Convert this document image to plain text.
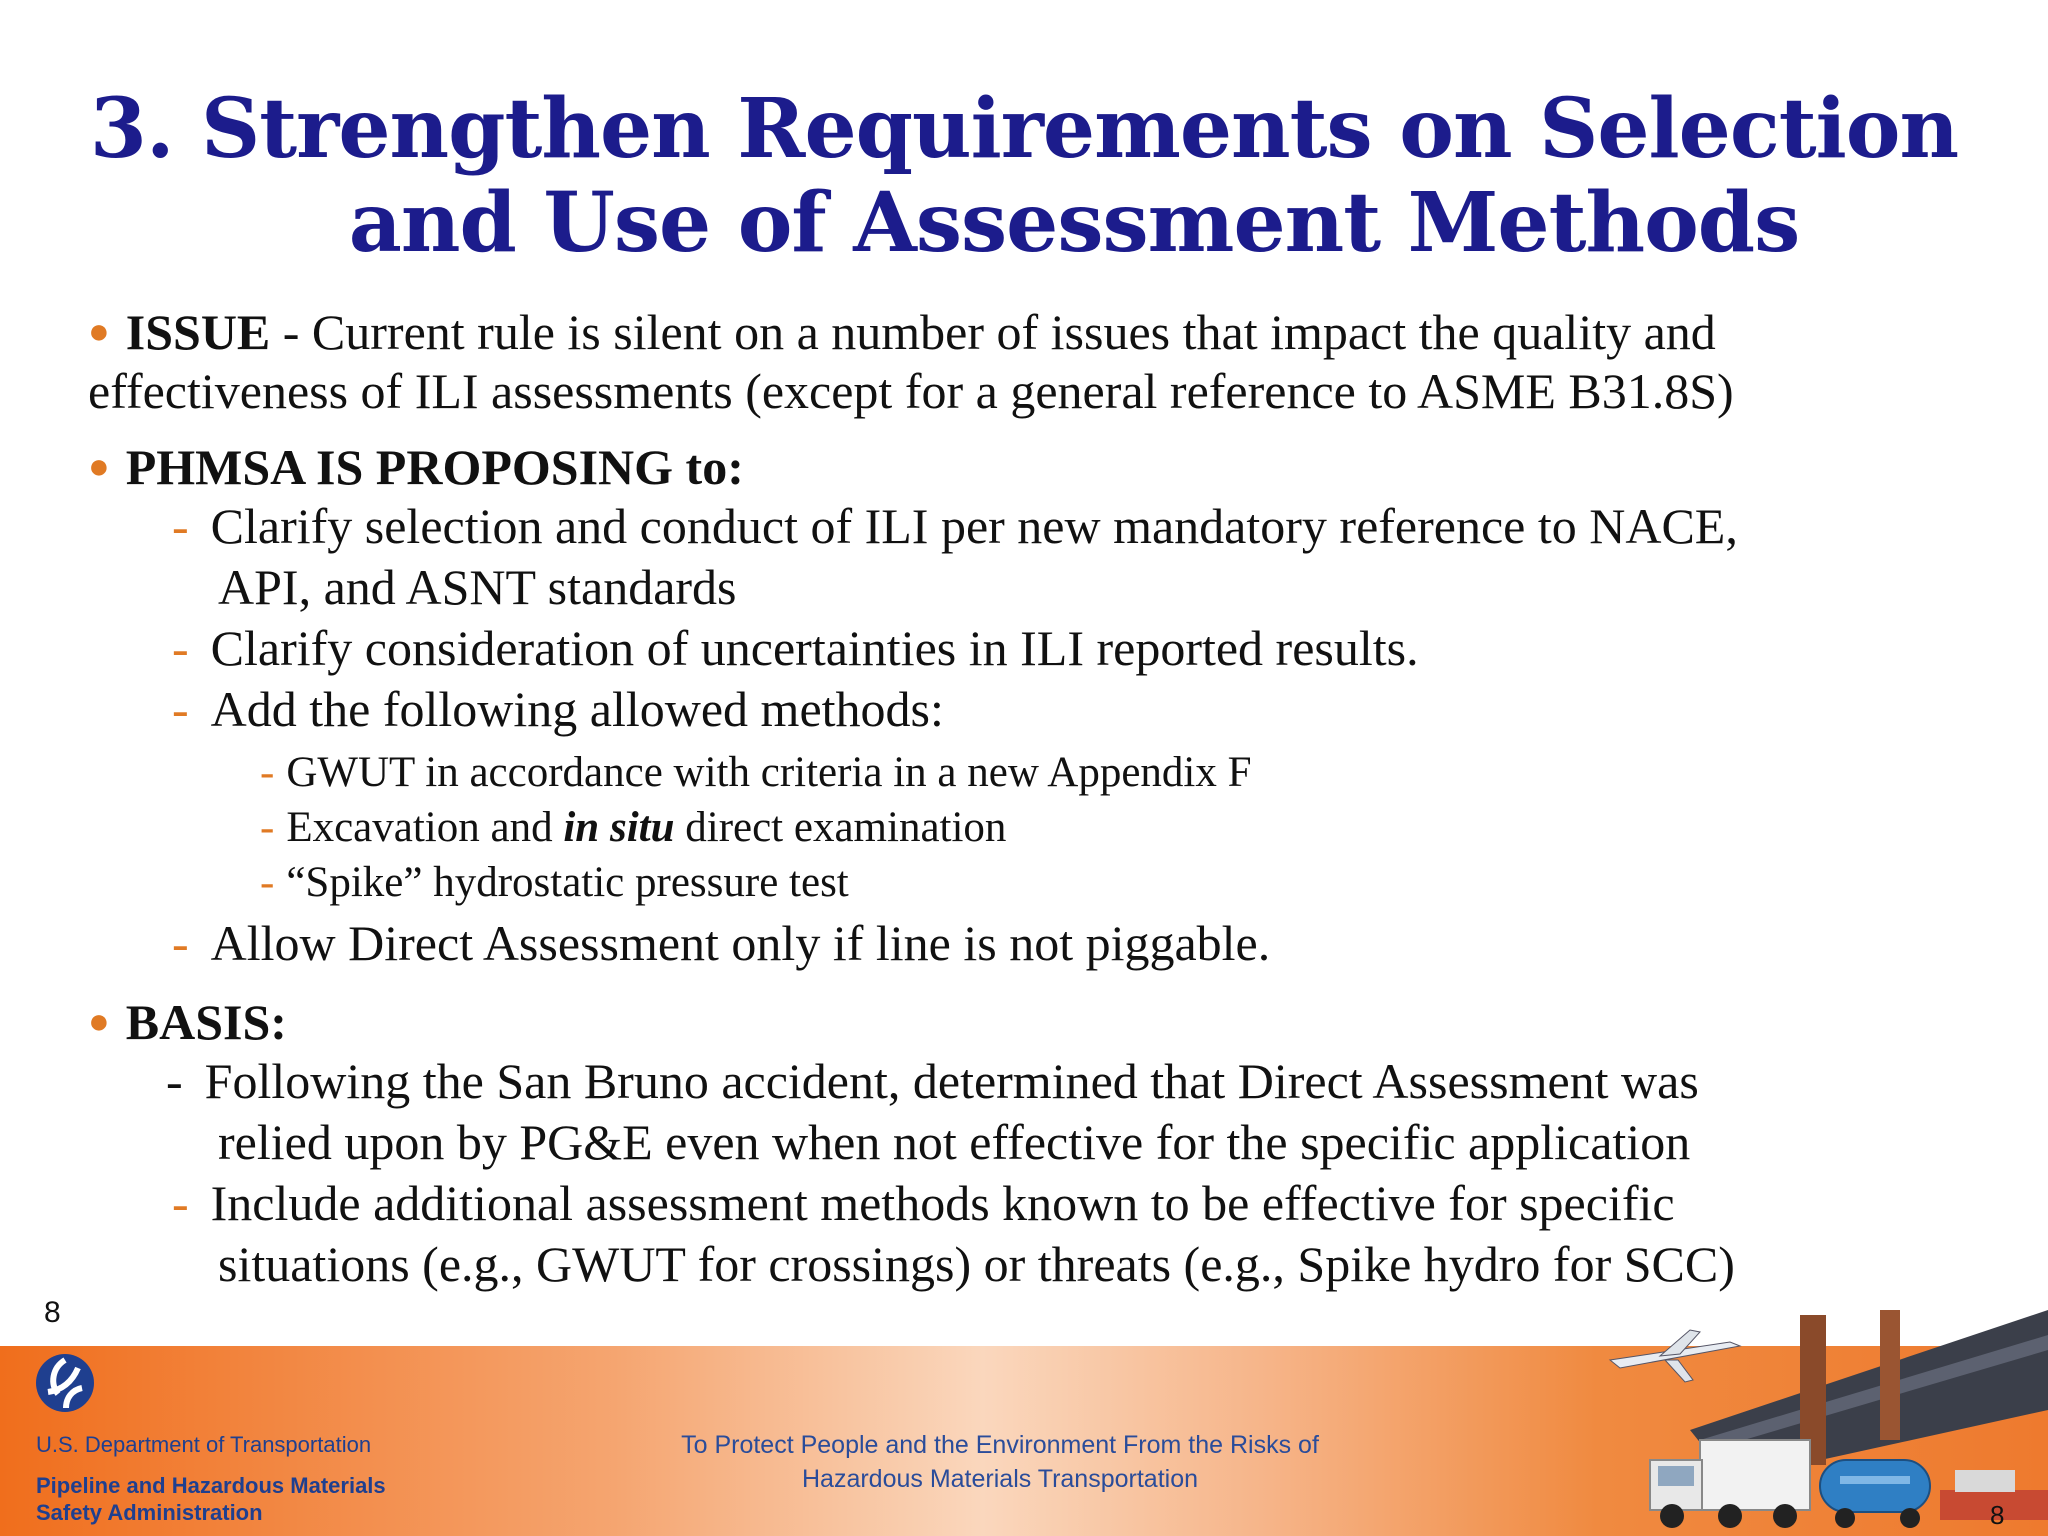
3. Strengthen Requirements on Selection
and Use of Assessment Methods
● ISSUE - Current rule is silent on a number of issues that impact the quality and
effectiveness of ILI assessments (except for a general reference to ASME B31.8S)
● PHMSA IS PROPOSING to:
- Clarify selection and conduct of ILI per new mandatory reference to NACE,
API, and ASNT standards
- Clarify consideration of uncertainties in ILI reported results.
- Add the following allowed methods:
- GWUT in accordance with criteria in a new Appendix F
- Excavation and in situ direct examination
- “Spike” hydrostatic pressure test
- Allow Direct Assessment only if line is not piggable.
● BASIS:
- Following the San Bruno accident, determined that Direct Assessment was
relied upon by PG&E even when not effective for the specific application
- Include additional assessment methods known to be effective for specific
situations (e.g., GWUT for crossings) or threats (e.g., Spike hydro for SCC)
8
U.S. Department of Transportation
Pipeline and Hazardous Materials
Safety Administration
To Protect People and the Environment From the Risks of
Hazardous Materials Transportation
8
